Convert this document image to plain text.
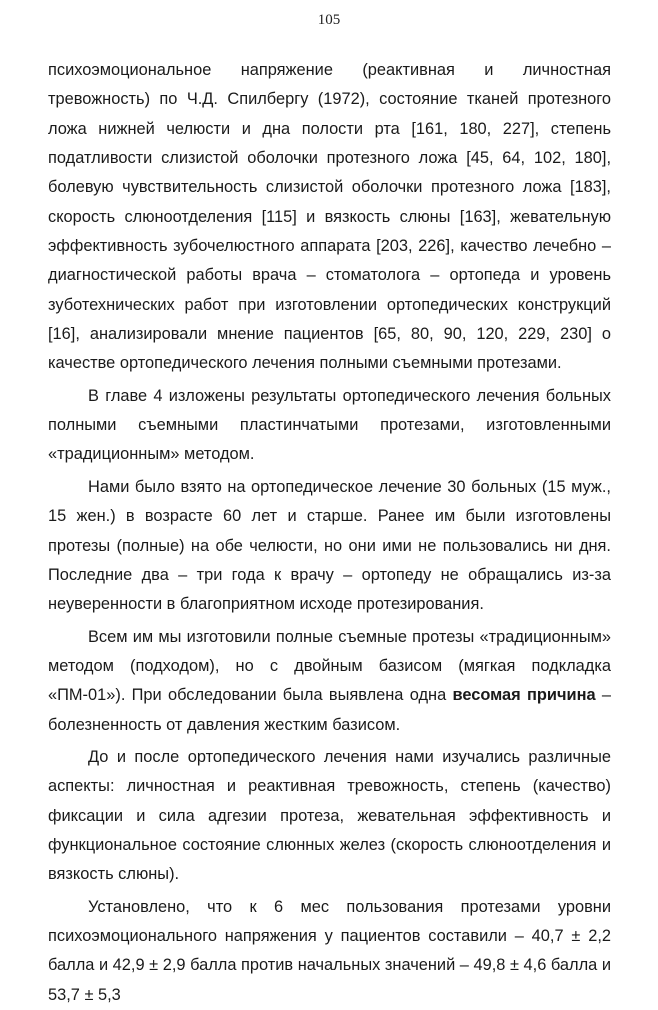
105

психоэмоциональное напряжение (реактивная и личностная тревожность) по Ч.Д. Спилбергу (1972), состояние тканей протезного ложа нижней челюсти и дна полости рта [161, 180, 227], степень податливости слизистой оболочки протезного ложа [45, 64, 102, 180], болевую чувствительность слизистой оболочки протезного ложа [183], скорость слюноотделения [115] и вязкость слюны [163], жевательную эффективность зубочелюстного аппарата [203, 226], качество лечебно – диагностической работы врача – стоматолога – ортопеда и уровень зуботехнических работ при изготовлении ортопедических конструкций [16], анализировали мнение пациентов [65, 80, 90, 120, 229, 230] о качестве ортопедического лечения полными съемными протезами.

В главе 4 изложены результаты ортопедического лечения больных полными съемными пластинчатыми протезами, изготовленными «традиционным» методом.

Нами было взято на ортопедическое лечение 30 больных (15 муж., 15 жен.) в возрасте 60 лет и старше. Ранее им были изготовлены протезы (полные) на обе челюсти, но они ими не пользовались ни дня. Последние два – три года к врачу – ортопеду не обращались из-за неуверенности в благоприятном исходе протезирования.

Всем им мы изготовили полные съемные протезы «традиционным» методом (подходом), но с двойным базисом (мягкая подкладка «ПМ-01»). При обследовании была выявлена одна весомая причина – болезненность от давления жестким базисом.

До и после ортопедического лечения нами изучались различные аспекты: личностная и реактивная тревожность, степень (качество) фиксации и сила адгезии протеза, жевательная эффективность и функциональное состояние слюнных желез (скорость слюноотделения и вязкость слюны).

Установлено, что к 6 мес пользования протезами уровни психоэмоционального напряжения у пациентов составили – 40,7 ± 2,2 балла и 42,9 ± 2,9 балла против начальных значений – 49,8 ± 4,6 балла и 53,7 ± 5,3
